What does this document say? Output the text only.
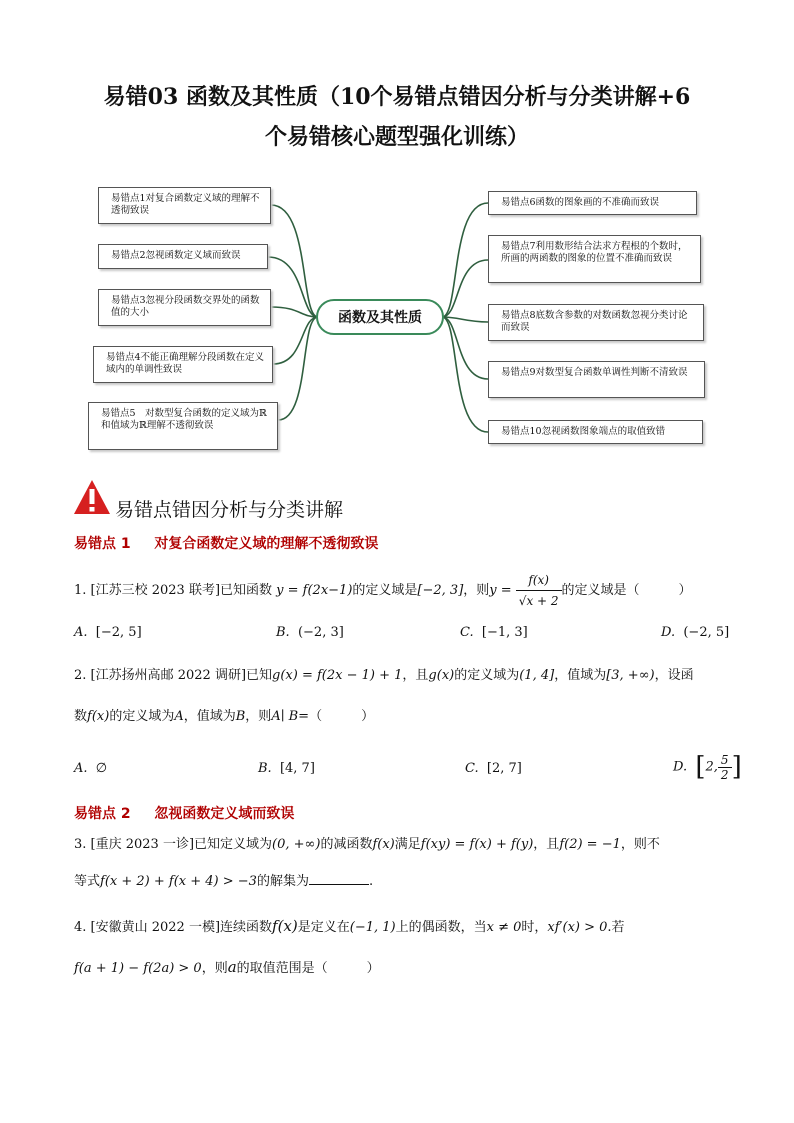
易错03 函数及其性质（10个易错点错因分析与分类讲解+6
个易错核心题型强化训练）
易错点1对复合函数定义域的理解不透彻致误
易错点2忽视函数定义域而致误
易错点3忽视分段函数交界处的函数值的大小
易错点4不能正确理解分段函数在定义域内的单调性致误
易错点5　对数型复合函数的定义域为ℝ和值域为ℝ理解不透彻致误
函数及其性质
易错点6函数的图象画的不准确而致误
易错点7利用数形结合法求方程根的个数时，所画的两函数的图象的位置不准确而致误
易错点8底数含参数的对数函数忽视分类讨论而致误
易错点9对数型复合函数单调性判断不清致误
易错点10忽视函数图象端点的取值致错
易错点错因分析与分类讲解
易错点 1 对复合函数定义域的理解不透彻致误
1. [江苏三校 2023 联考]已知函数 y = f(2x−1)的定义域是[−2, 3]，则$y = \frac{f(x)}{√x + 2}$ 的定义域是（　　　）
A. [−2, 5]	B. (−2, 3]	C. [−1, 3]	D. (−2, 5]
2. [江苏扬州高邮 2022 调研]已知g(x) = f(2x − 1) + 1，且g(x)的定义域为(1, 4]，值域为[3, +∞)，设函
数f(x)的定义域为A，值域为B，则A∣ B=（　　　）
A. ∅	B. [4, 7]	C. [2, 7]	D. [2, $\frac{5}{2}$ ]
易错点 2 忽视函数定义域而致误
3. [重庆 2023 一诊]已知定义域为(0, +∞)的减函数f(x)满足f(xy) = f(x) + f(y)，且f(2) = −1，则不
等式f(x + 2) + f(x + 4) > −3的解集为	.
4. [安徽黄山 2022 一模]连续函数f(x)是定义在(−1, 1)上的偶函数，当x ≠ 0时，xf′(x) > 0.若
f(a + 1) − f(2a) > 0，则a的取值范围是（　　　）
